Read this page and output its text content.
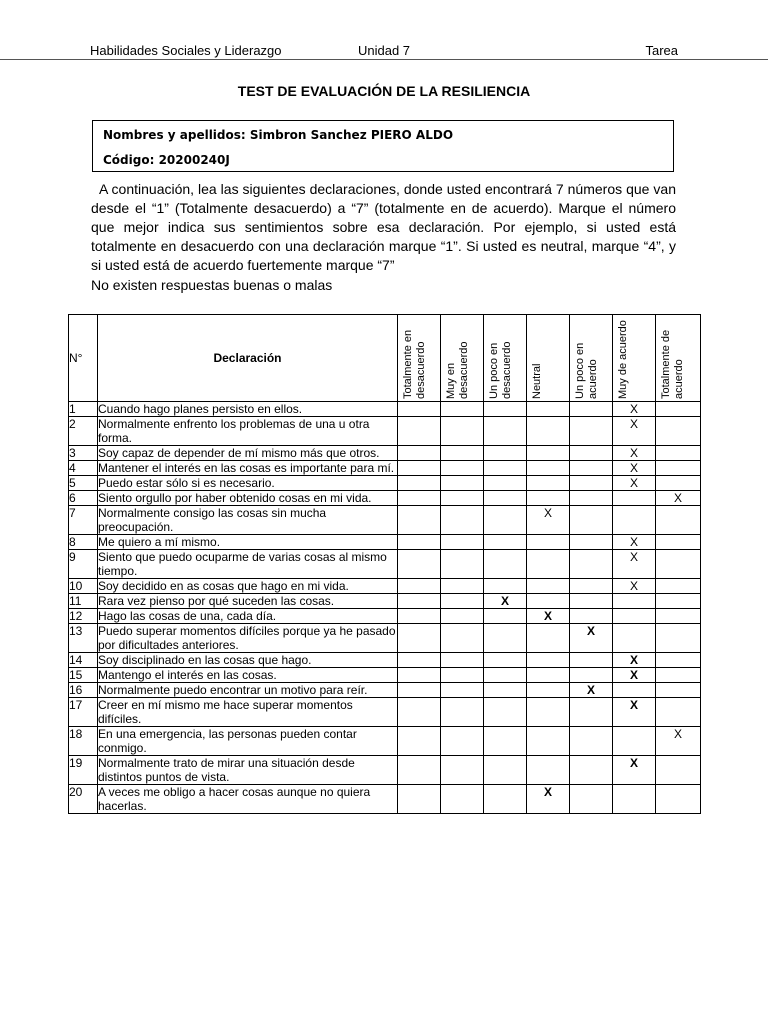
Habilidades Sociales y Liderazgo	Unidad 7	Tarea
TEST DE EVALUACIÓN DE LA RESILIENCIA
Nombres y apellidos: Simbron Sanchez PIERO ALDO
Código: 20200240J

A continuación, lea las siguientes declaraciones, donde usted encontrará 7 números que van desde el “1” (Totalmente desacuerdo) a “7” (totalmente en de acuerdo). Marque el número que mejor indica sus sentimientos sobre esa declaración. Por ejemplo, si usted está totalmente en desacuerdo con una declaración marque “1”. Si usted es neutral, marque “4”, y si usted está de acuerdo fuertemente marque “7”

No existen respuestas buenas o malas

N°	Declaración	Totalmente en desacuerdo	Muy en desacuerdo	Un poco en desacuerdo	Neutral	Un poco en acuerdo	Muy de acuerdo	Totalmente de acuerdo

1	Cuando hago planes persisto en ellos.						X	
2	Normalmente enfrento los problemas de una u otra forma.						X	
3	Soy capaz de depender de mí mismo más que otros.						X	
4	Mantener el interés en las cosas es importante para mí.						X	
5	Puedo estar sólo si es necesario.						X	
6	Siento orgullo por haber obtenido cosas en mi vida.							X
7	Normalmente consigo las cosas sin mucha preocupación.				X			
8	Me quiero a mí mismo.						X	
9	Siento que puedo ocuparme de varias cosas al mismo tiempo.						X	
10	Soy decidido en as cosas que hago en mi vida.						X	
11	Rara vez pienso por qué suceden las cosas.			X				
12	Hago las cosas de una, cada día.				X			
13	Puedo superar momentos difíciles porque ya he pasado por dificultades anteriores.					X		
14	Soy disciplinado en las cosas que hago.						X	
15	Mantengo el interés en las cosas.						X	
16	Normalmente puedo encontrar un motivo para reír.					X		
17	Creer en mí mismo me hace superar momentos difíciles.						X	
18	En una emergencia, las personas pueden contar conmigo.							X
19	Normalmente trato de mirar una situación desde distintos puntos de vista.						X	
20	A veces me obligo a hacer cosas aunque no quiera hacerlas.				X			
